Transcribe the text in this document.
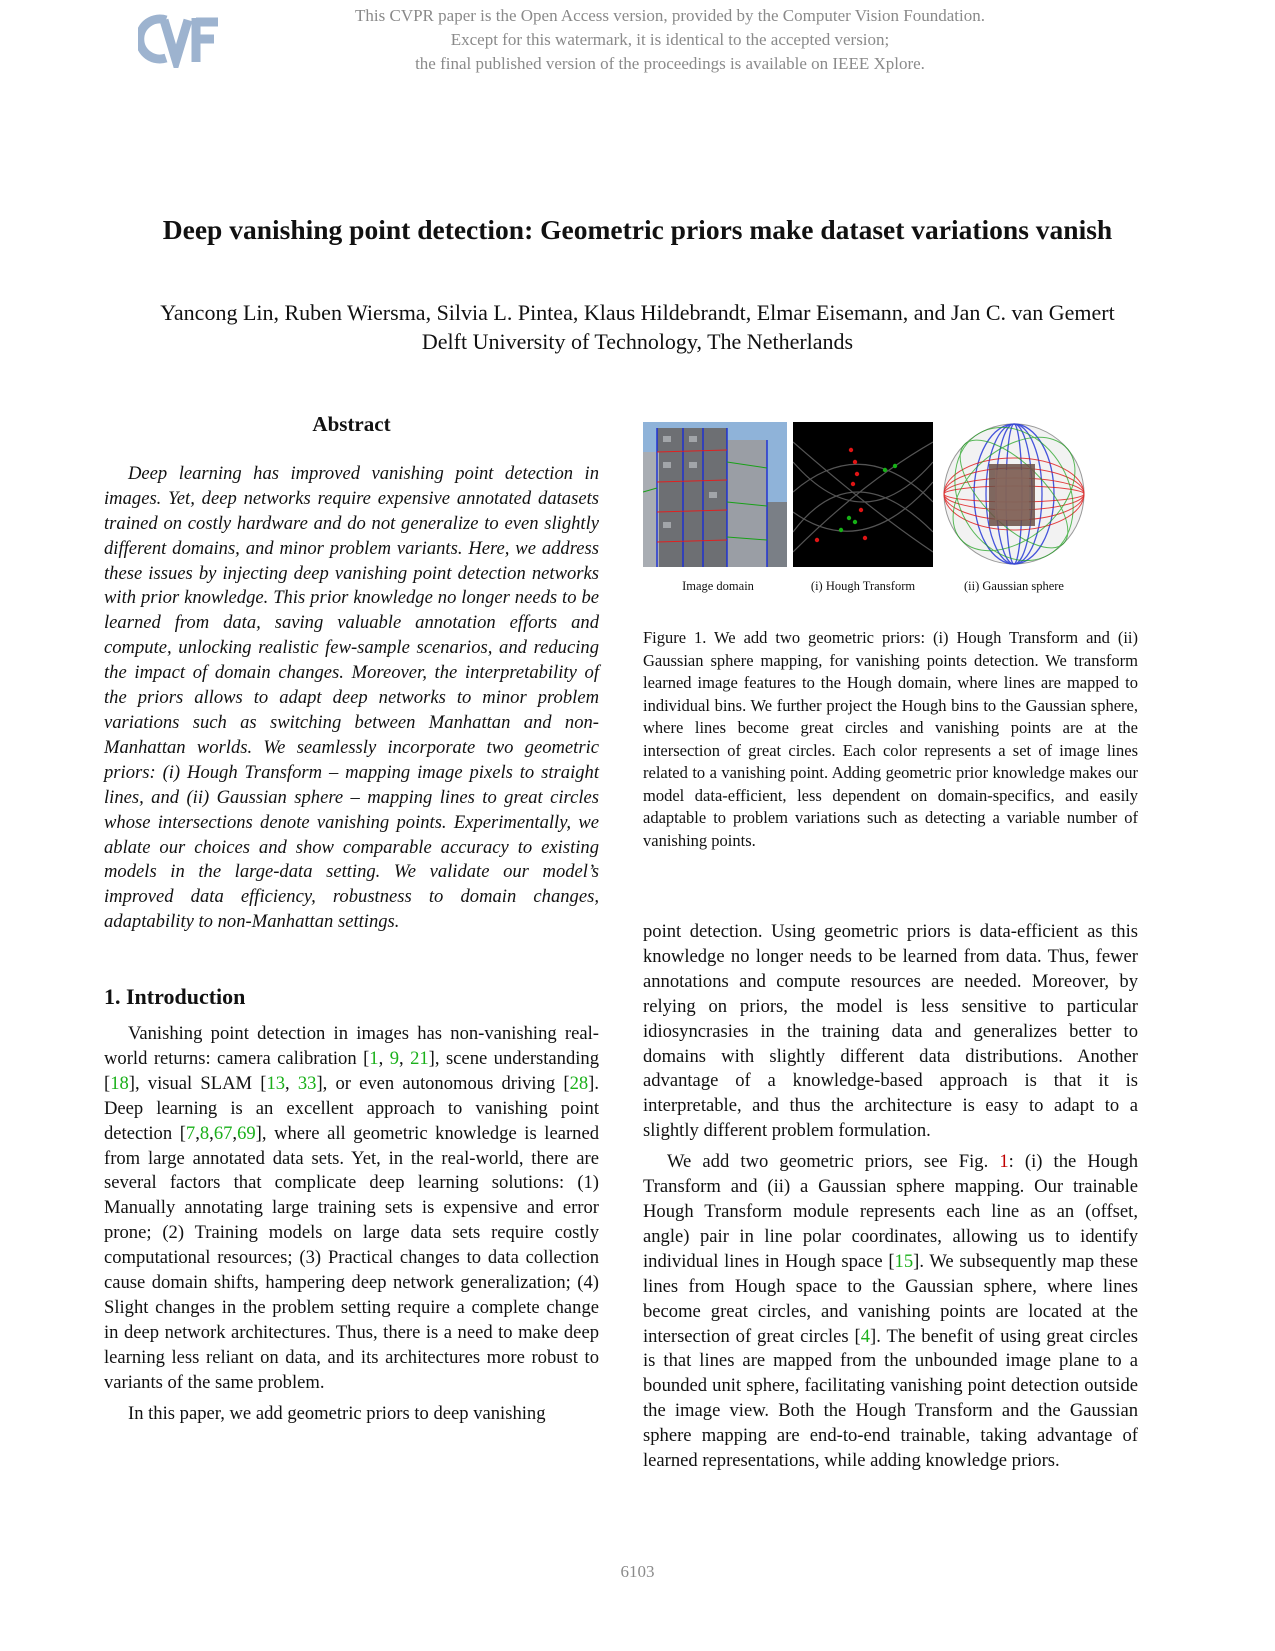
This CVPR paper is the Open Access version, provided by the Computer Vision Foundation.
Except for this watermark, it is identical to the accepted version;
the final published version of the proceedings is available on IEEE Xplore.
Deep vanishing point detection: Geometric priors make dataset variations vanish
Yancong Lin, Ruben Wiersma, Silvia L. Pintea, Klaus Hildebrandt, Elmar Eisemann, and Jan C. van Gemert
Delft University of Technology, The Netherlands
Abstract

Deep learning has improved vanishing point detection in images. Yet, deep networks require expensive annotated datasets trained on costly hardware and do not generalize to even slightly different domains, and minor problem variants. Here, we address these issues by injecting deep vanishing point detection networks with prior knowledge. This prior knowledge no longer needs to be learned from data, saving valuable annotation efforts and compute, unlocking realistic few-sample scenarios, and reducing the impact of domain changes. Moreover, the interpretability of the priors allows to adapt deep networks to minor problem variations such as switching between Manhattan and non-Manhattan worlds. We seamlessly incorporate two geometric priors: (i) Hough Transform – mapping image pixels to straight lines, and (ii) Gaussian sphere – mapping lines to great circles whose intersections denote vanishing points. Experimentally, we ablate our choices and show comparable accuracy to existing models in the large-data setting. We validate our model’s improved data efficiency, robustness to domain changes, adaptability to non-Manhattan settings.

1. Introduction

Vanishing point detection in images has non-vanishing real-world returns: camera calibration [1, 9, 21], scene understanding [18], visual SLAM [13, 33], or even autonomous driving [28]. Deep learning is an excellent approach to vanishing point detection [7,8,67,69], where all geometric knowledge is learned from large annotated data sets. Yet, in the real-world, there are several factors that complicate deep learning solutions: (1) Manually annotating large training sets is expensive and error prone; (2) Training models on large data sets require costly computational resources; (3) Practical changes to data collection cause domain shifts, hampering deep network generalization; (4) Slight changes in the problem setting require a complete change in deep network architectures. Thus, there is a need to make deep learning less reliant on data, and its architectures more robust to variants of the same problem.

In this paper, we add geometric priors to deep vanishing

Image domain	(i) Hough Transform	(ii) Gaussian sphere

Figure 1. We add two geometric priors: (i) Hough Transform and (ii) Gaussian sphere mapping, for vanishing points detection. We transform learned image features to the Hough domain, where lines are mapped to individual bins. We further project the Hough bins to the Gaussian sphere, where lines become great circles and vanishing points are at the intersection of great circles. Each color represents a set of image lines related to a vanishing point. Adding geometric prior knowledge makes our model data-efficient, less dependent on domain-specifics, and easily adaptable to problem variations such as detecting a variable number of vanishing points.

point detection. Using geometric priors is data-efficient as this knowledge no longer needs to be learned from data. Thus, fewer annotations and compute resources are needed. Moreover, by relying on priors, the model is less sensitive to particular idiosyncrasies in the training data and generalizes better to domains with slightly different data distributions. Another advantage of a knowledge-based approach is that it is interpretable, and thus the architecture is easy to adapt to a slightly different problem formulation.

We add two geometric priors, see Fig. 1: (i) the Hough Transform and (ii) a Gaussian sphere mapping. Our trainable Hough Transform module represents each line as an (offset, angle) pair in line polar coordinates, allowing us to identify individual lines in Hough space [15]. We subsequently map these lines from Hough space to the Gaussian sphere, where lines become great circles, and vanishing points are located at the intersection of great circles [4]. The benefit of using great circles is that lines are mapped from the unbounded image plane to a bounded unit sphere, facilitating vanishing point detection outside the image view. Both the Hough Transform and the Gaussian sphere mapping are end-to-end trainable, taking advantage of learned representations, while adding knowledge priors.

6103
